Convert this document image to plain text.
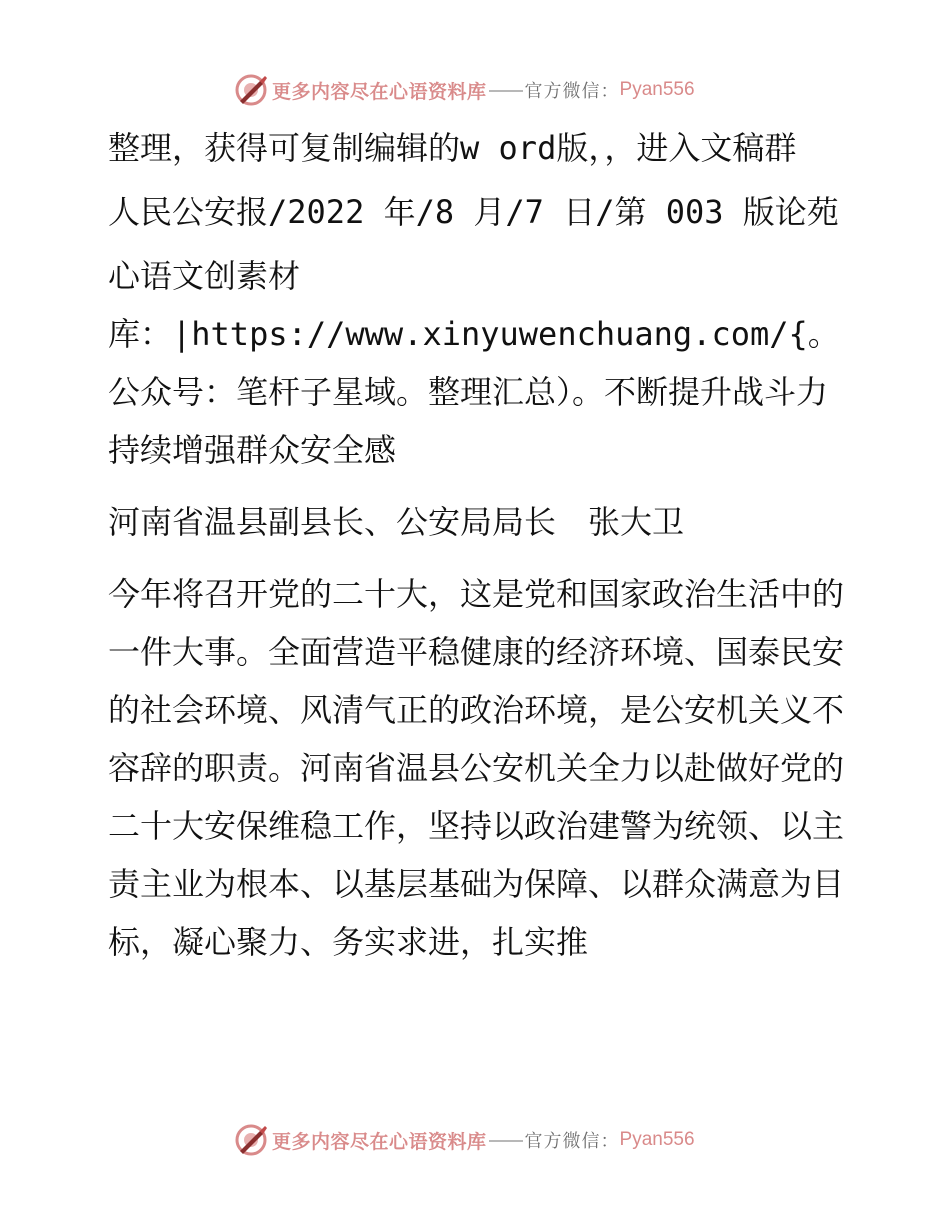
更多内容尽在心语资料库 官方微信： Pyan556

整理，获得可复制编辑的w ord版，，进入文稿群

人民公安报/2022 年/8 月/7 日/第 003 版论苑

心语文创素材库：|https://www.xinyuwenchuang.com/{。公众号：笔杆子星域。整理汇总）。不断提升战斗力　持续增强群众安全感

河南省温县副县长、公安局局长　张大卫

今年将召开党的二十大，这是党和国家政治生活中的一件大事。全面营造平稳健康的经济环境、国泰民安的社会环境、风清气正的政治环境，是公安机关义不容辞的职责。河南省温县公安机关全力以赴做好党的二十大安保维稳工作，坚持以政治建警为统领、以主责主业为根本、以基层基础为保障、以群众满意为目标，凝心聚力、务实求进，扎实推

更多内容尽在心语资料库 官方微信： Pyan556
